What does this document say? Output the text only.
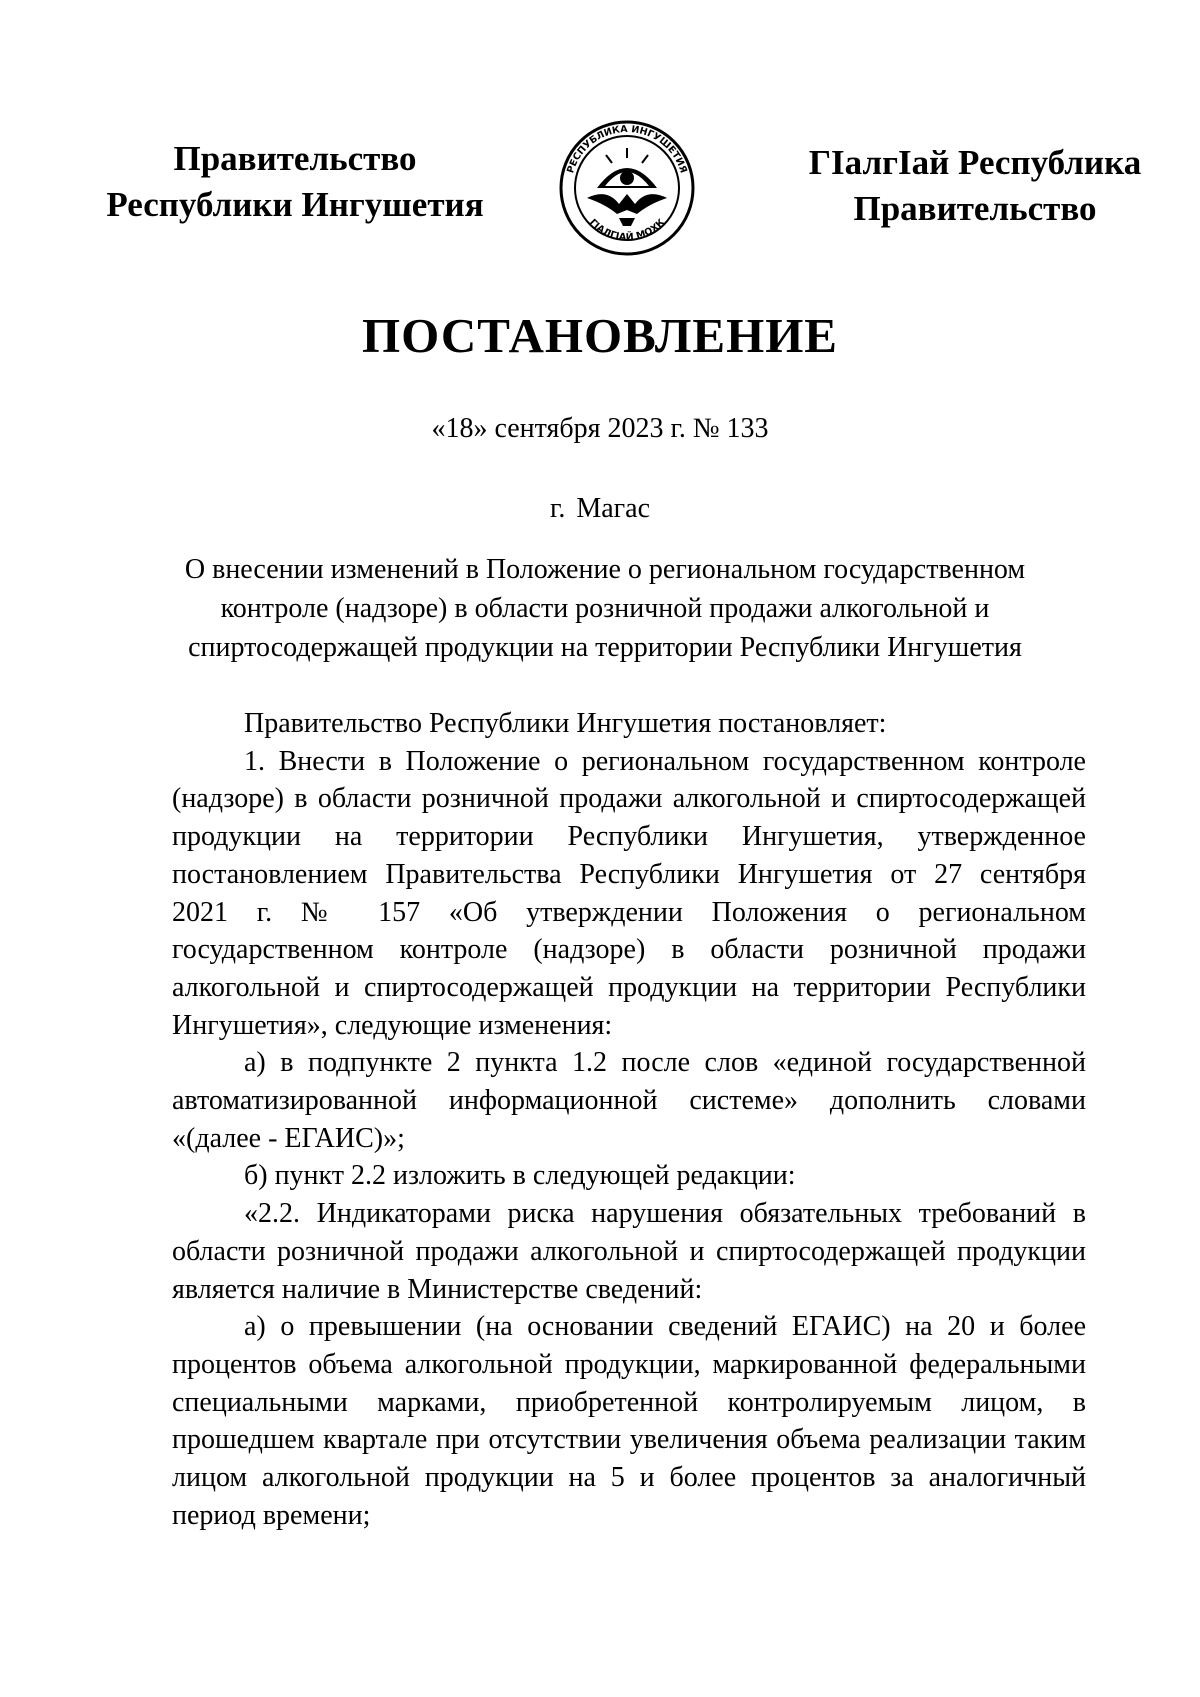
Правительство
Республики Ингушетия
РЕСПУБЛИКА ИНГУШЕТИЯ
ГIАЛГIАЙ МОХК
ГIалгIай Республика
Правительство
ПОСТАНОВЛЕНИЕ
«18» сентября 2023 г. № 133
г. Магас
О внесении изменений в Положение о региональном государственном
контроле (надзоре) в области розничной продажи алкогольной и
спиртосодержащей продукции на территории Республики Ингушетия
Правительство Республики Ингушетия постановляет:
1. Внести в Положение о региональном государственном контроле
(надзоре) в области розничной продажи алкогольной и спиртосодержащей
продукции на территории Республики Ингушетия, утвержденное
постановлением Правительства Республики Ингушетия от 27 сентября
2021 г. № 157 «Об утверждении Положения о региональном
государственном контроле (надзоре) в области розничной продажи
алкогольной и спиртосодержащей продукции на территории Республики
Ингушетия», следующие изменения:
а) в подпункте 2 пункта 1.2 после слов «единой государственной
автоматизированной информационной системе» дополнить словами
«(далее - ЕГАИС)»;
б) пункт 2.2 изложить в следующей редакции:
«2.2. Индикаторами риска нарушения обязательных требований в
области розничной продажи алкогольной и спиртосодержащей продукции
является наличие в Министерстве сведений:
а) о превышении (на основании сведений ЕГАИС) на 20 и более
процентов объема алкогольной продукции, маркированной федеральными
специальными марками, приобретенной контролируемым лицом, в
прошедшем квартале при отсутствии увеличения объема реализации таким
лицом алкогольной продукции на 5 и более процентов за аналогичный
период времени;
